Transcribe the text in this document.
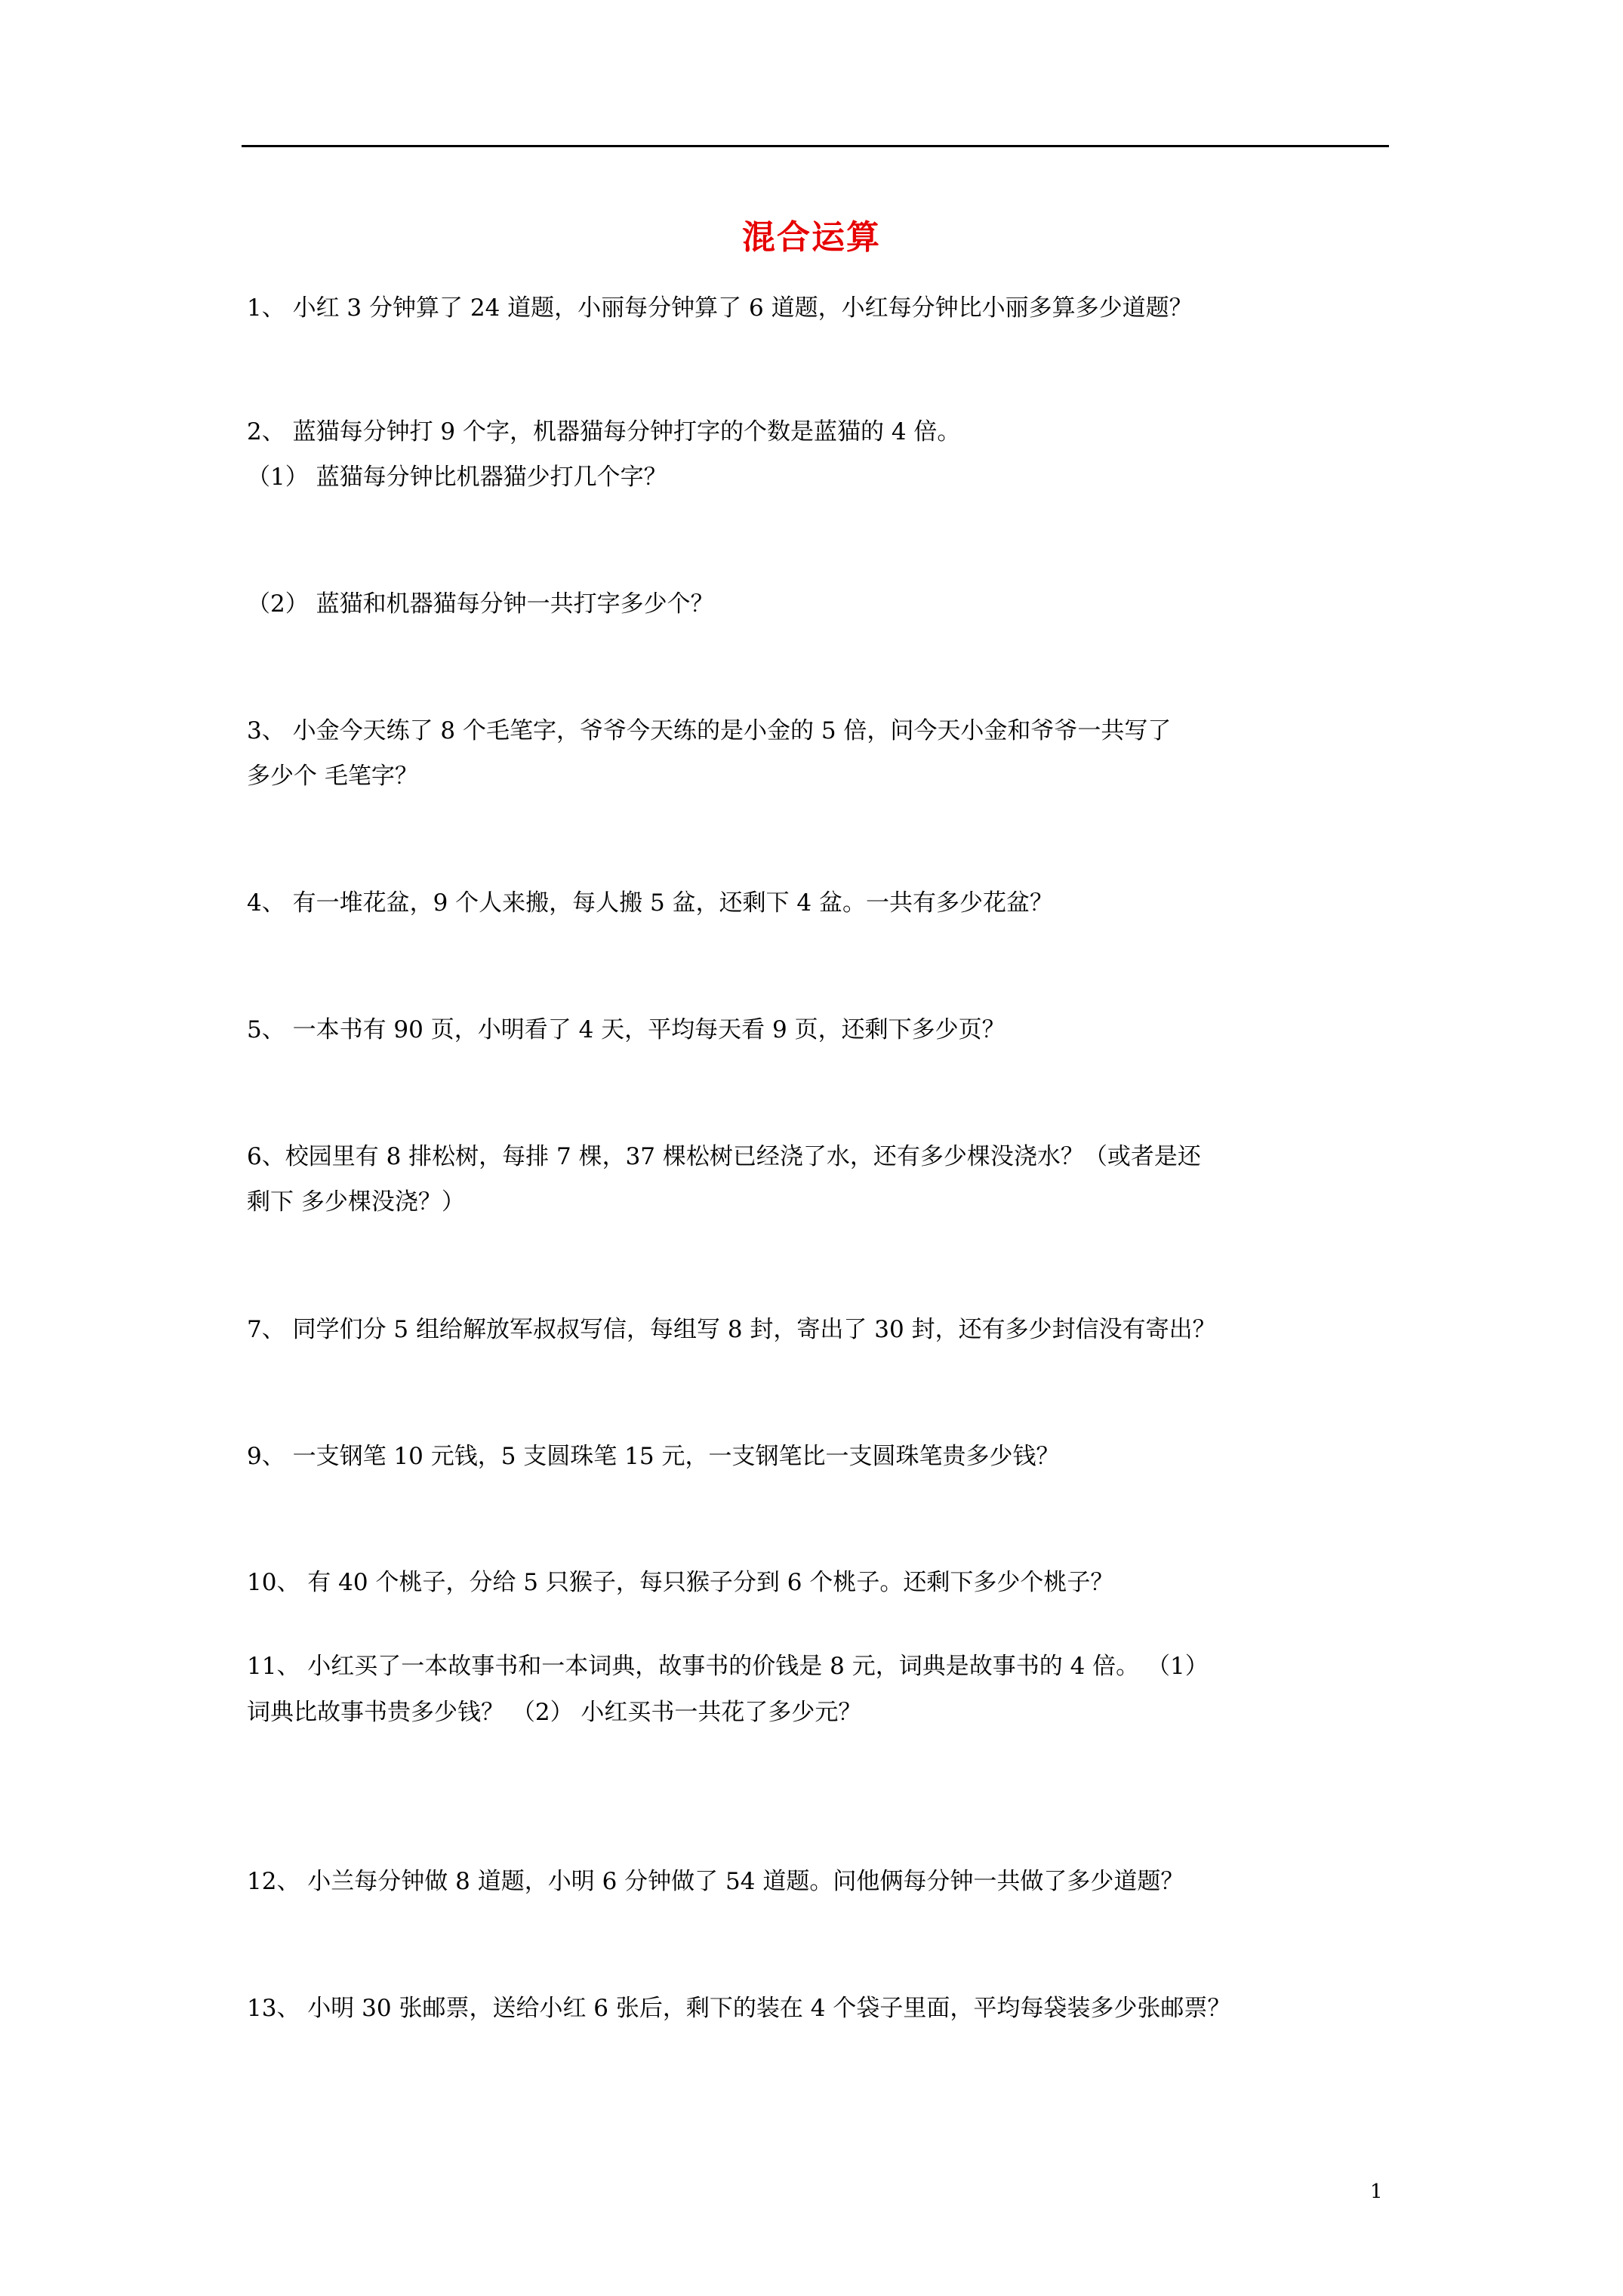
混合运算
1、 小红 3 分钟算了 24 道题，小丽每分钟算了 6 道题，小红每分钟比小丽多算多少道题？
2、 蓝猫每分钟打 9 个字，机器猫每分钟打字的个数是蓝猫的 4 倍。
（1） 蓝猫每分钟比机器猫少打几个字？
（2） 蓝猫和机器猫每分钟一共打字多少个？
3、 小金今天练了 8 个毛笔字，爷爷今天练的是小金的 5 倍，问今天小金和爷爷一共写了
多少个 毛笔字？
4、 有一堆花盆，9 个人来搬，每人搬 5 盆，还剩下 4 盆。一共有多少花盆？
5、 一本书有 90 页，小明看了 4 天，平均每天看 9 页，还剩下多少页？
6、校园里有 8 排松树，每排 7 棵，37 棵松树已经浇了水，还有多少棵没浇水？（或者是还
剩下 多少棵没浇？）
7、 同学们分 5 组给解放军叔叔写信，每组写 8 封，寄出了 30 封，还有多少封信没有寄出？
9、 一支钢笔 10 元钱，5 支圆珠笔 15 元，一支钢笔比一支圆珠笔贵多少钱？
10、 有 40 个桃子，分给 5 只猴子，每只猴子分到 6 个桃子。还剩下多少个桃子？
11、 小红买了一本故事书和一本词典，故事书的价钱是 8 元，词典是故事书的 4 倍。 （1）
词典比故事书贵多少钱？ （2） 小红买书一共花了多少元？
12、 小兰每分钟做 8 道题，小明 6 分钟做了 54 道题。问他俩每分钟一共做了多少道题？
13、 小明 30 张邮票，送给小红 6 张后，剩下的装在 4 个袋子里面，平均每袋装多少张邮票？
1
